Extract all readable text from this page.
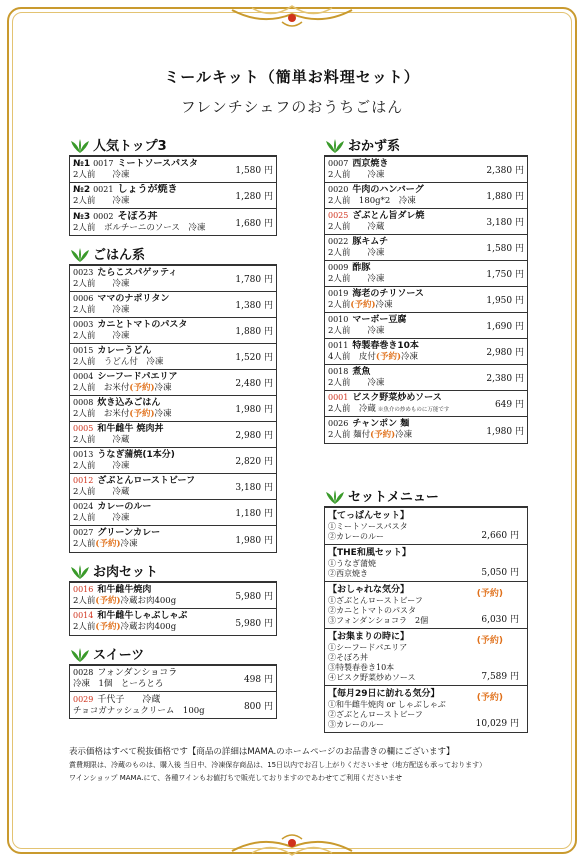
ミールキット（簡単お料理セット）
フレンチシェフのおうちごはん
人気トップ3
№1 0017 ミートソースパスタ
2人前　　冷凍	1,580 円
№2 0021 しょうが焼き
2人前　　冷凍	1,280 円
№3 0002 そぼろ丼
2人前　ボルチーニのソース　冷凍	1,680 円
ごはん系
0023 たらこスパゲッティ
2人前　　冷凍	1,780 円
0006 ママのナポリタン
2人前　　冷凍	1,380 円
0003 カニとトマトのパスタ
2人前　　冷凍	1,880 円
0015 カレーうどん
2人前　うどん付　冷凍	1,520 円
0004 シーフードパエリア
2人前　お米付(予約)冷凍	2,480 円
0008 炊き込みごはん
2人前　お米付(予約)冷凍	1,980 円
0005 和牛雌牛 焼肉丼
2人前　　冷蔵	2,980 円
0013 うなぎ蒲焼(1本分)
2人前　　冷凍	2,820 円
0012 ざぶとんローストビーフ
2人前　　冷蔵	3,180 円
0024 カレーのルー
2人前　　冷凍	1,180 円
0027 グリーンカレー
2人前(予約)冷凍	1,980 円
お肉セット
0016 和牛雌牛焼肉
2人前(予約)冷蔵お肉400g	5,980 円
0014 和牛雌牛しゃぶしゃぶ
2人前(予約)冷蔵お肉400g	5,980 円
スイーツ
0028 フォンダンショコラ
冷凍　1個　とーろとろ	498 円
0029 千代子　　冷蔵
チョコガナッシュクリーム　100g	800 円
おかず系
0007 西京焼き
2人前　　冷凍	2,380 円
0020 牛肉のハンバーグ
2人前　180g*2　冷凍	1,880 円
0025 ざぶとん旨ダレ焼
2人前　　冷蔵	3,180 円
0022 豚キムチ
2人前　　冷凍	1,580 円
0009 酢豚
2人前　　冷凍	1,750 円
0019 海老のチリソース
2人前(予約)冷凍	1,950 円
0010 マーボー豆腐
2人前　　冷凍	1,690 円
0011 特製春巻き10本
4人前　皮付(予約)冷凍	2,980 円
0018 煮魚
2人前　　冷凍	2,380 円
0001 ビスク野菜炒めソース
2人前　冷蔵 ※魚介の炒めものに万能です	649 円
0026 チャンポン 麺
2人前 麺付(予約)冷凍	1,980 円
セットメニュー
【てっぱんセット】
①ミートソースパスタ
②カレーのルー	2,660 円
【THE和風セット】
①うなぎ蒲焼
②西京焼き	5,050 円
【おしゃれな気分】	(予約)
①ざぶとんローストビーフ
②カニとトマトのパスタ
③フォンダンショコラ　2個	6,030 円
【お集まりの時に】	(予約)
①シーフードパエリア
②そぼろ丼
③特製春巻き10本
④ビスク野菜炒めソース	7,589 円
【毎月29日に訪れる気分】	(予約)
①和牛雌牛焼肉 or しゃぶしゃぶ
②ざぶとんローストビーフ
③カレーのルー	10,029 円
表示価格はすべて税抜価格です【商品の詳細はMAMA.のホームページのお品書きの欄にございます】
賞費期限は、冷蔵のものは、購入後 当日中、冷凍保存商品は、15日以内でお召し上がりくださいませ（地方配送も承っております）
ワインショップ MAMA.にて、各種ワインもお値打ちで販売しておりますのであわせてご利用くださいませ
